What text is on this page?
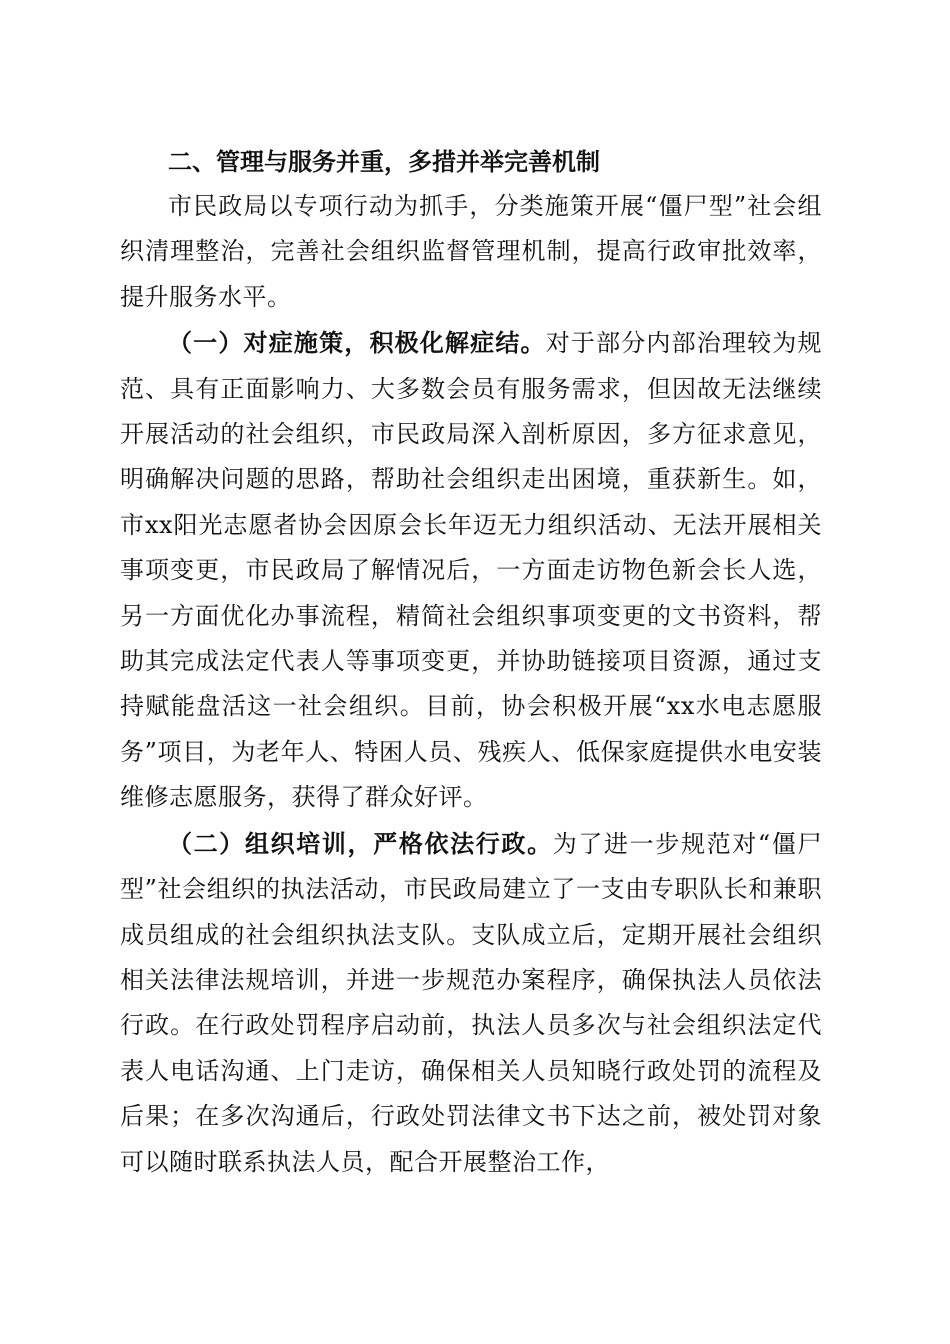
二、管理与服务并重，多措并举完善机制

市民政局以专项行动为抓手，分类施策开展“僵尸型”社会组织清理整治，完善社会组织监督管理机制，提高行政审批效率，提升服务水平。

（一）对症施策，积极化解症结。对于部分内部治理较为规范、具有正面影响力、大多数会员有服务需求，但因故无法继续开展活动的社会组织，市民政局深入剖析原因，多方征求意见，明确解决问题的思路，帮助社会组织走出困境，重获新生。如，市xx阳光志愿者协会因原会长年迈无力组织活动、无法开展相关事项变更，市民政局了解情况后，一方面走访物色新会长人选，另一方面优化办事流程，精简社会组织事项变更的文书资料，帮助其完成法定代表人等事项变更，并协助链接项目资源，通过支持赋能盘活这一社会组织。目前，协会积极开展“xx水电志愿服务”项目，为老年人、特困人员、残疾人、低保家庭提供水电安装维修志愿服务，获得了群众好评。

（二）组织培训，严格依法行政。为了进一步规范对“僵尸型”社会组织的执法活动，市民政局建立了一支由专职队长和兼职成员组成的社会组织执法支队。支队成立后，定期开展社会组织相关法律法规培训，并进一步规范办案程序，确保执法人员依法行政。在行政处罚程序启动前，执法人员多次与社会组织法定代表人电话沟通、上门走访，确保相关人员知晓行政处罚的流程及后果；在多次沟通后，行政处罚法律文书下达之前，被处罚对象可以随时联系执法人员，配合开展整治工作，
